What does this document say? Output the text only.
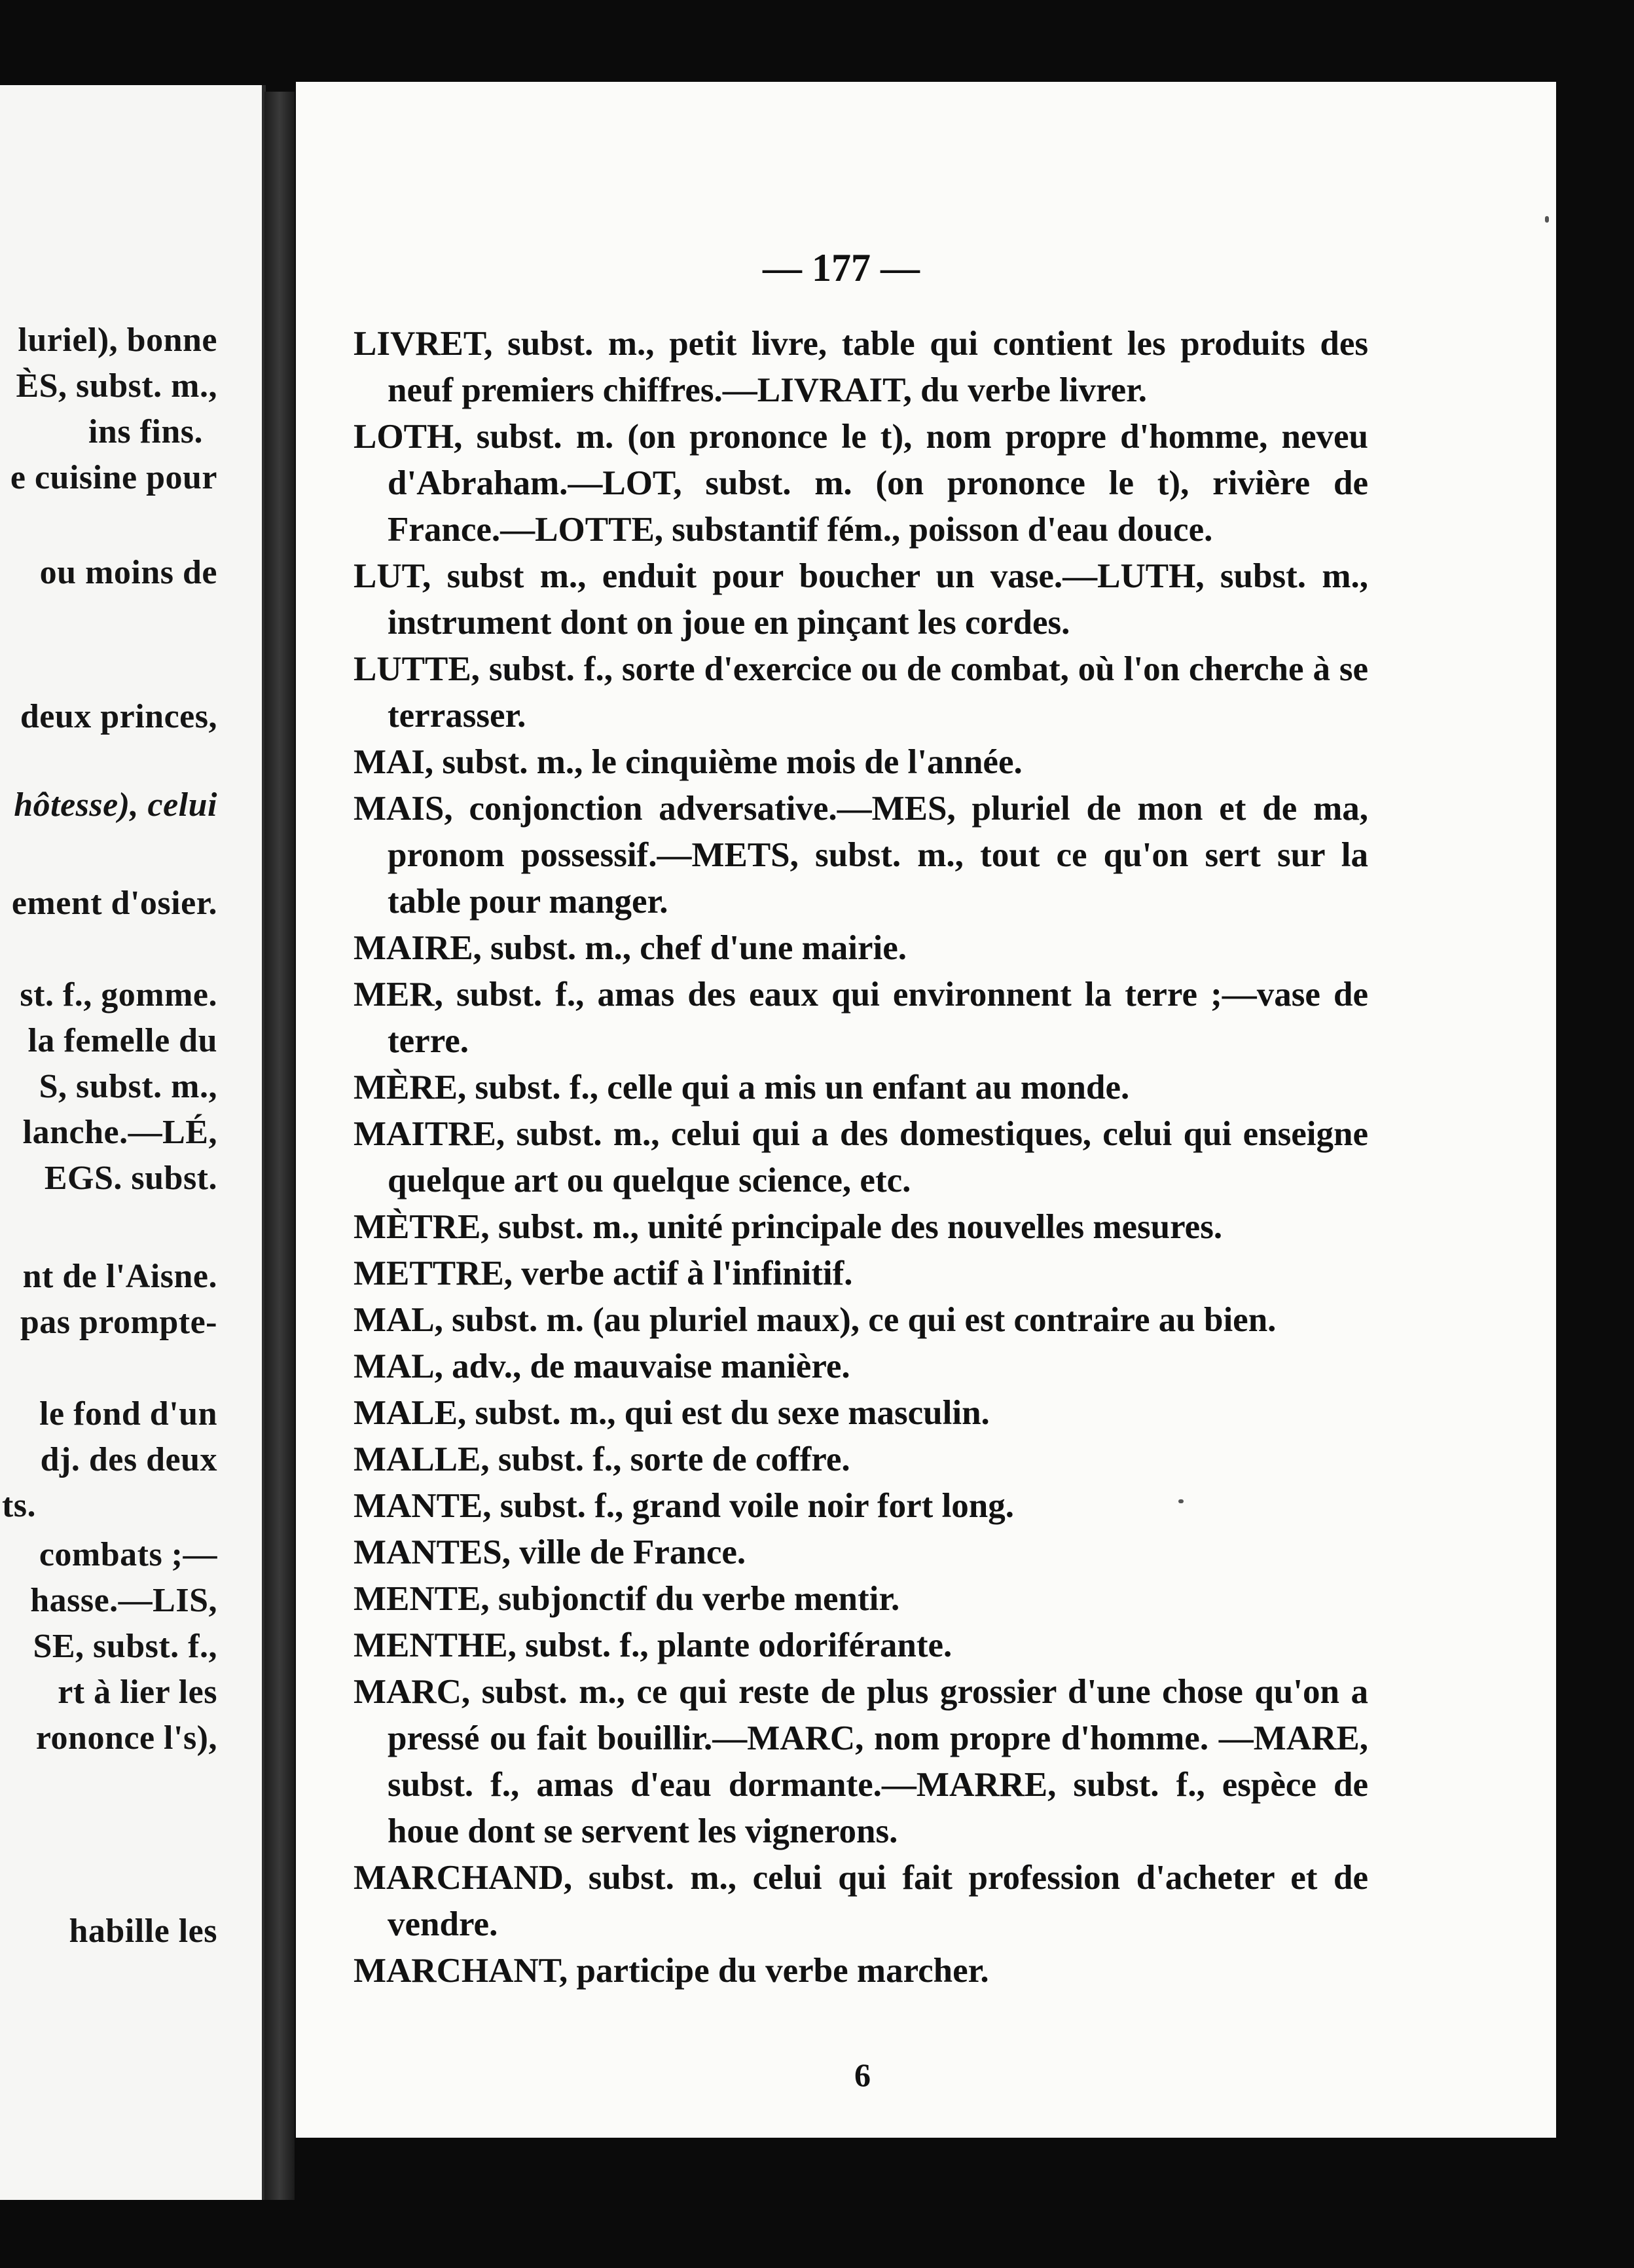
luriel), bonne
ÈS, subst. m.,
ins fins.
e cuisine pour
ou moins de
deux princes,
hôtesse), celui
ement d'osier.
st. f., gomme.
la femelle du
S, subst. m.,
lanche.—LÉ,
EGS. subst.
nt de l'Aisne.
pas prompte-
le fond d'un
dj. des deux
ts.
combats ;—
hasse.—LIS,
SE, subst. f.,
rt à lier les
rononce l's),
habille les
— 177 —
LIVRET, subst. m., petit livre, table qui contient les produits des neuf premiers chiffres.—LIVRAIT, du verbe livrer.
LOTH, subst. m. (on prononce le t), nom propre d'homme, neveu d'Abraham.—LOT, subst. m. (on prononce le t), rivière de France.—LOTTE, substantif fém., poisson d'eau douce.
LUT, subst m., enduit pour boucher un vase.—LUTH, subst. m., instrument dont on joue en pinçant les cordes.
LUTTE, subst. f., sorte d'exercice ou de combat, où l'on cherche à se terrasser.
MAI, subst. m., le cinquième mois de l'année.
MAIS, conjonction adversative.—MES, pluriel de mon et de ma, pronom possessif.—METS, subst. m., tout ce qu'on sert sur la table pour manger.
MAIRE, subst. m., chef d'une mairie.
MER, subst. f., amas des eaux qui environnent la terre ;—vase de terre.
MÈRE, subst. f., celle qui a mis un enfant au monde.
MAITRE, subst. m., celui qui a des domestiques, celui qui enseigne quelque art ou quelque science, etc.
MÈTRE, subst. m., unité principale des nouvelles mesures.
METTRE, verbe actif à l'infinitif.
MAL, subst. m. (au pluriel maux), ce qui est contraire au bien.
MAL, adv., de mauvaise manière.
MALE, subst. m., qui est du sexe masculin.
MALLE, subst. f., sorte de coffre.
MANTE, subst. f., grand voile noir fort long.
MANTES, ville de France.
MENTE, subjonctif du verbe mentir.
MENTHE, subst. f., plante odoriférante.
MARC, subst. m., ce qui reste de plus grossier d'une chose qu'on a pressé ou fait bouillir.—MARC, nom propre d'homme. —MARE, subst. f., amas d'eau dormante.—MARRE, subst. f., espèce de houe dont se servent les vignerons.
MARCHAND, subst. m., celui qui fait profession d'acheter et de vendre.
MARCHANT, participe du verbe marcher.
6
